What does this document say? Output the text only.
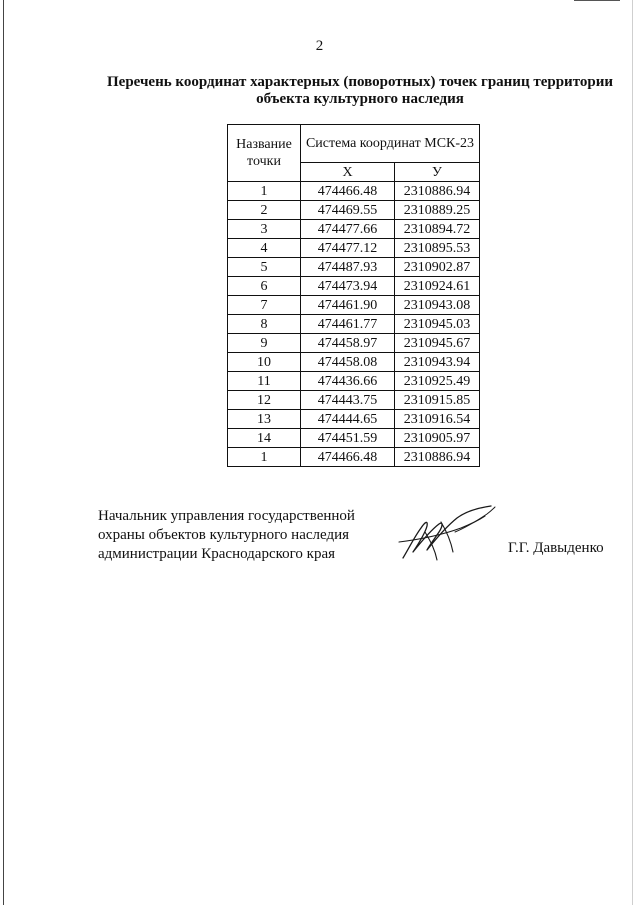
2
Перечень координат характерных (поворотных) точек границ территории
объекта культурного наследия
Название точки	Система координат МСК-23	
	X	У
1	474466.48	2310886.94
2	474469.55	2310889.25
3	474477.66	2310894.72
4	474477.12	2310895.53
5	474487.93	2310902.87
6	474473.94	2310924.61
7	474461.90	2310943.08
8	474461.77	2310945.03
9	474458.97	2310945.67
10	474458.08	2310943.94
11	474436.66	2310925.49
12	474443.75	2310915.85
13	474444.65	2310916.54
14	474451.59	2310905.97
1	474466.48	2310886.94
Начальник управления государственной
охраны объектов культурного наследия
администрации Краснодарского края	Г.Г. Давыденко
